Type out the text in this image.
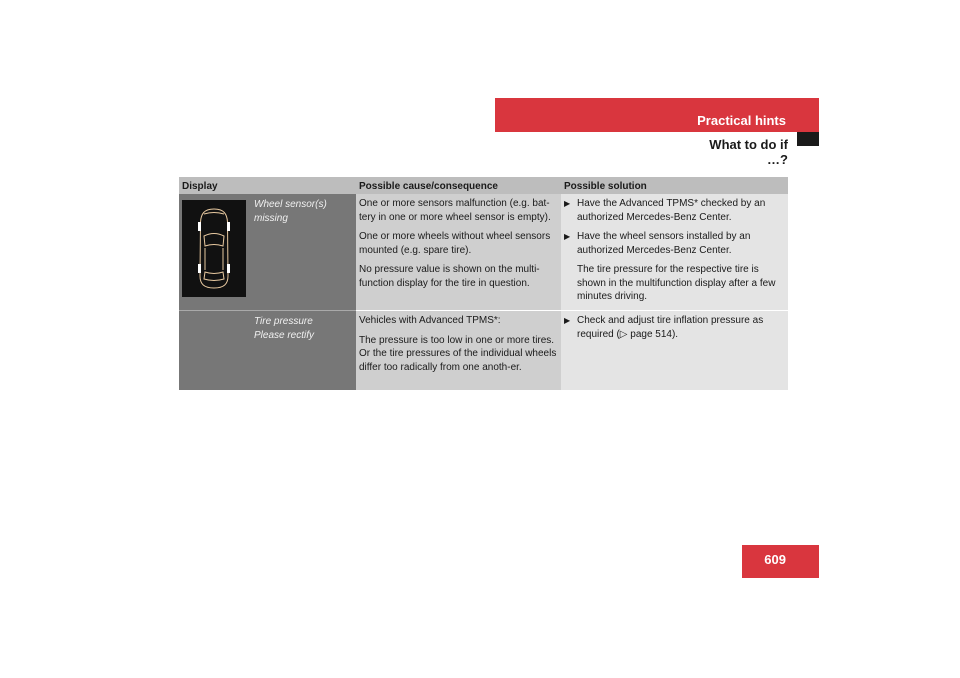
Practical hints
What to do if …?
Display	Possible cause/consequence	Possible solution
Wheel sensor(s)
missing

One or more sensors malfunction (e.g. bat-tery in one or more wheel sensor is empty).

One or more wheels without wheel sensors mounted (e.g. spare tire).

No pressure value is shown on the multi-function display for the tire in question.

▶ Have the Advanced TPMS* checked by an authorized Mercedes-Benz Center.
▶ Have the wheel sensors installed by an authorized Mercedes-Benz Center.

The tire pressure for the respective tire is shown in the multifunction display after a few minutes driving.

Tire pressure
Please rectify

Vehicles with Advanced TPMS*:

The pressure is too low in one or more tires. Or the tire pressures of the individual wheels differ too radically from one anoth-er.

▶ Check and adjust tire inflation pressure as required (▷ page 514).
609
